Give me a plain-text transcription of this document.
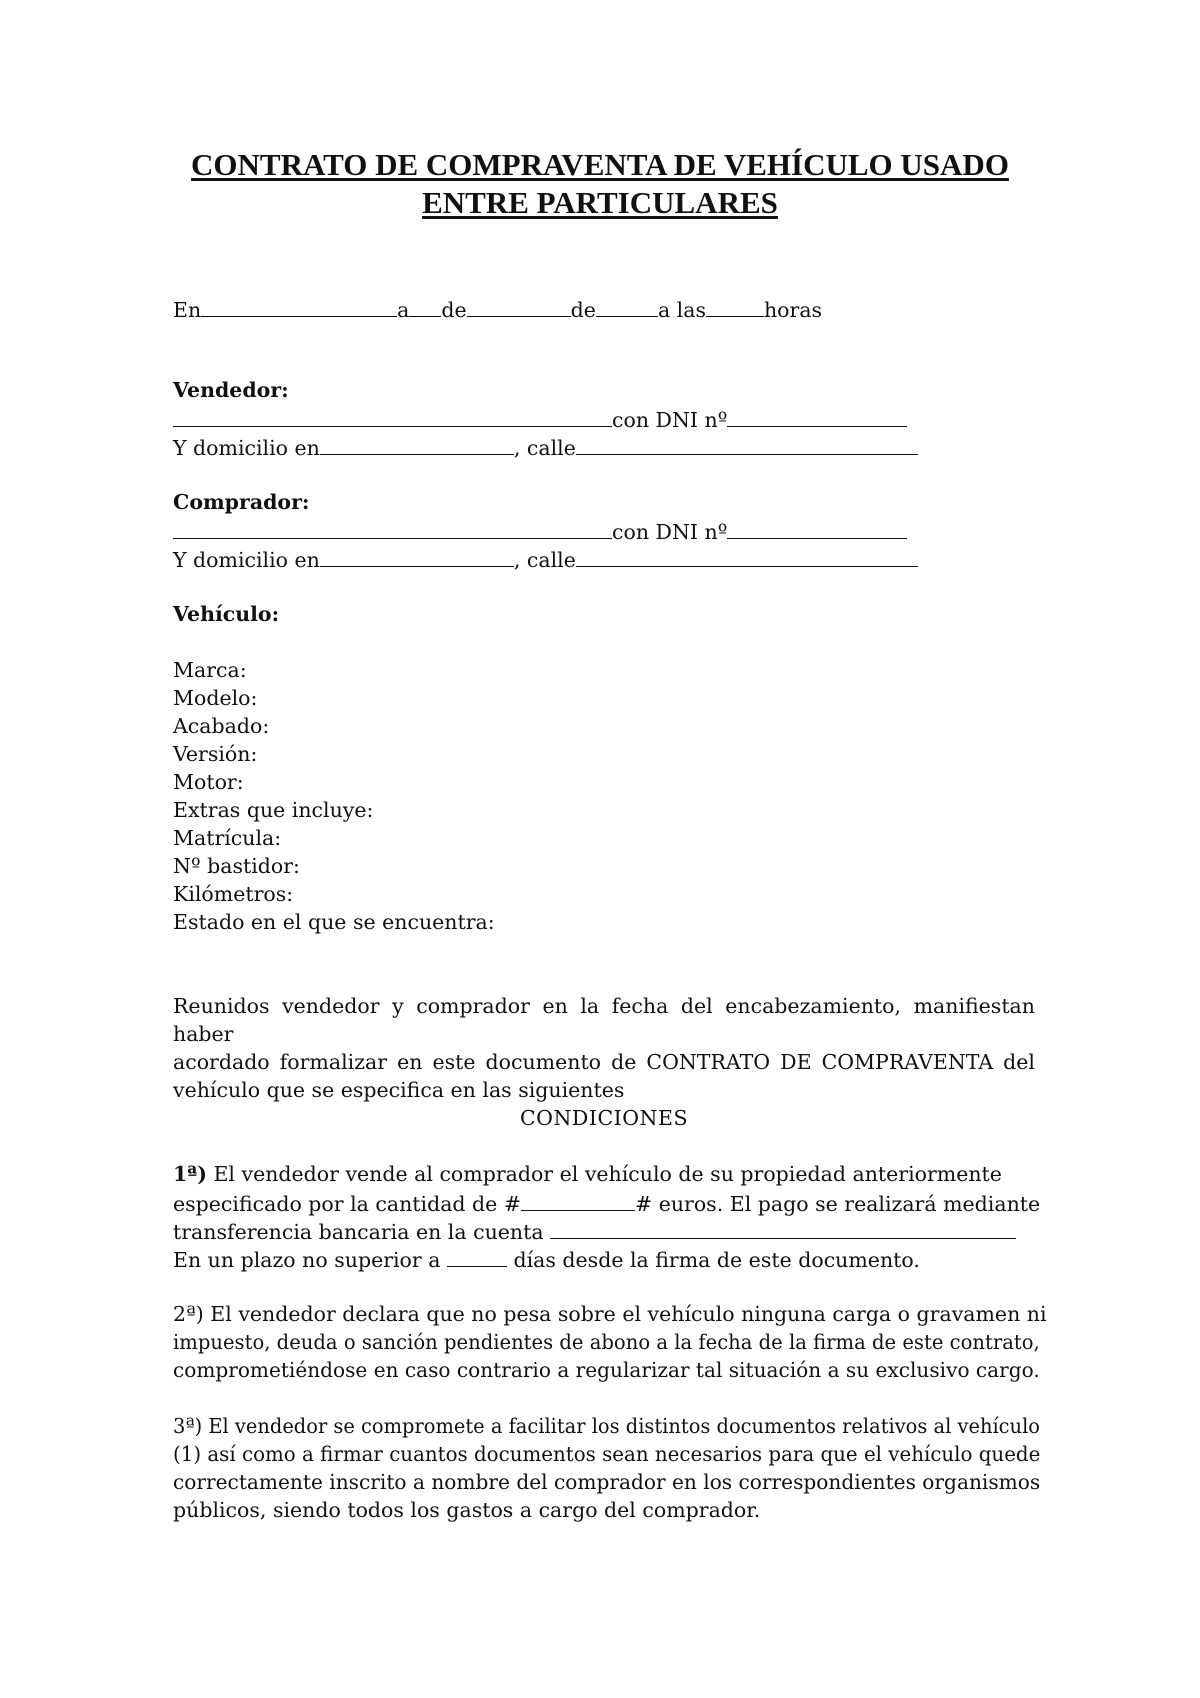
CONTRATO DE COMPRAVENTA DE VEHÍCULO USADO
ENTRE PARTICULARES
En	a de	de	a las	horas
Vendedor:
con DNI nº
Y domicilio en	, calle
Comprador:
con DNI nº
Y domicilio en	, calle
Vehículo:
Marca:
Modelo:
Acabado:
Versión:
Motor:
Extras que incluye:
Matrícula:
Nº bastidor:
Kilómetros:
Estado en el que se encuentra:
Reunidos vendedor y comprador en la fecha del encabezamiento, manifiestan haber
acordado formalizar en este documento de CONTRATO DE COMPRAVENTA del
vehículo que se especifica en las siguientes
CONDICIONES
1ª) El vendedor vende al comprador el vehículo de su propiedad anteriormente
especificado por la cantidad de #	# euros. El pago se realizará mediante
transferencia bancaria en la cuenta
En un plazo no superior a	días desde la firma de este documento.
2ª) El vendedor declara que no pesa sobre el vehículo ninguna carga o gravamen ni
impuesto, deuda o sanción pendientes de abono a la fecha de la firma de este contrato,
comprometiéndose en caso contrario a regularizar tal situación a su exclusivo cargo.
3ª) El vendedor se compromete a facilitar los distintos documentos relativos al vehículo
(1) así como a firmar cuantos documentos sean necesarios para que el vehículo quede
correctamente inscrito a nombre del comprador en los correspondientes organismos
públicos, siendo todos los gastos a cargo del comprador.
